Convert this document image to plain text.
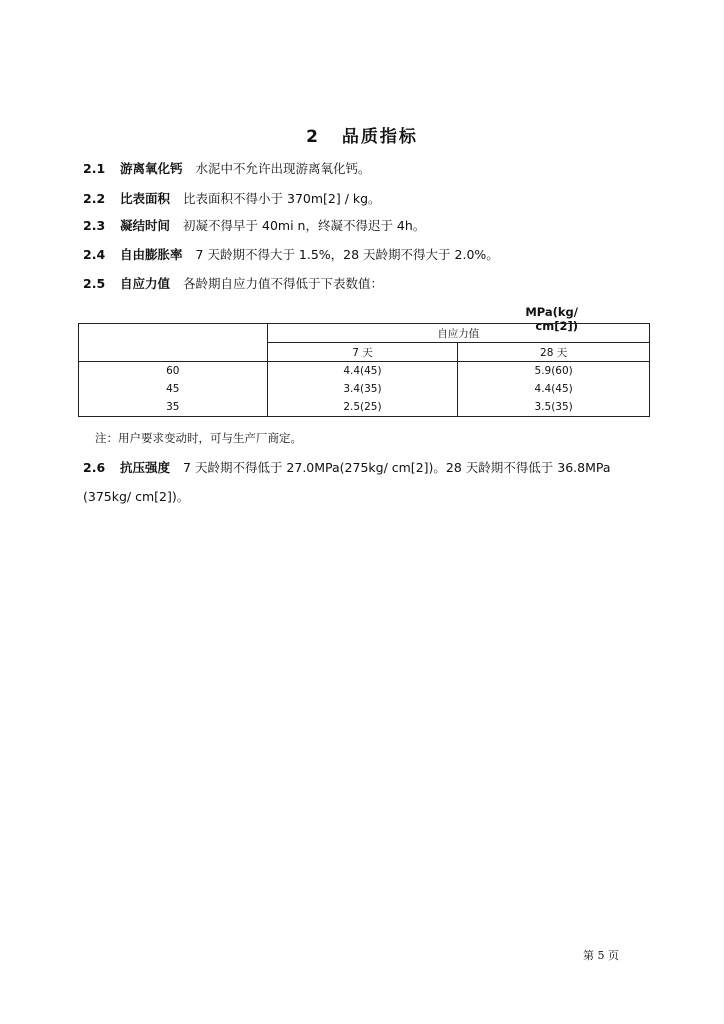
2 品质指标
2.1 游离氧化钙 水泥中不允许出现游离氧化钙。
2.2 比表面积 比表面积不得小于 370m[2] / kg。
2.3 凝结时间 初凝不得早于 40mi n，终凝不得迟于 4h。
2.4 自由膨胀率 7 天龄期不得大于 1.5%，28 天龄期不得大于 2.0%。
2.5 自应力值 各龄期自应力值不得低于下表数值：
MPa(kg/ cm[2])
	自应力值	
	7 天	28 天
60	4.4(45)	5.9(60)
45	3.4(35)	4.4(45)
35	2.5(25)	3.5(35)
注：用户要求变动时，可与生产厂商定。
2.6 抗压强度 7 天龄期不得低于 27.0MPa(275kg/ cm[2])。28 天龄期不得低于 36.8MPa
(375kg/ cm[2])。
第 5 页
